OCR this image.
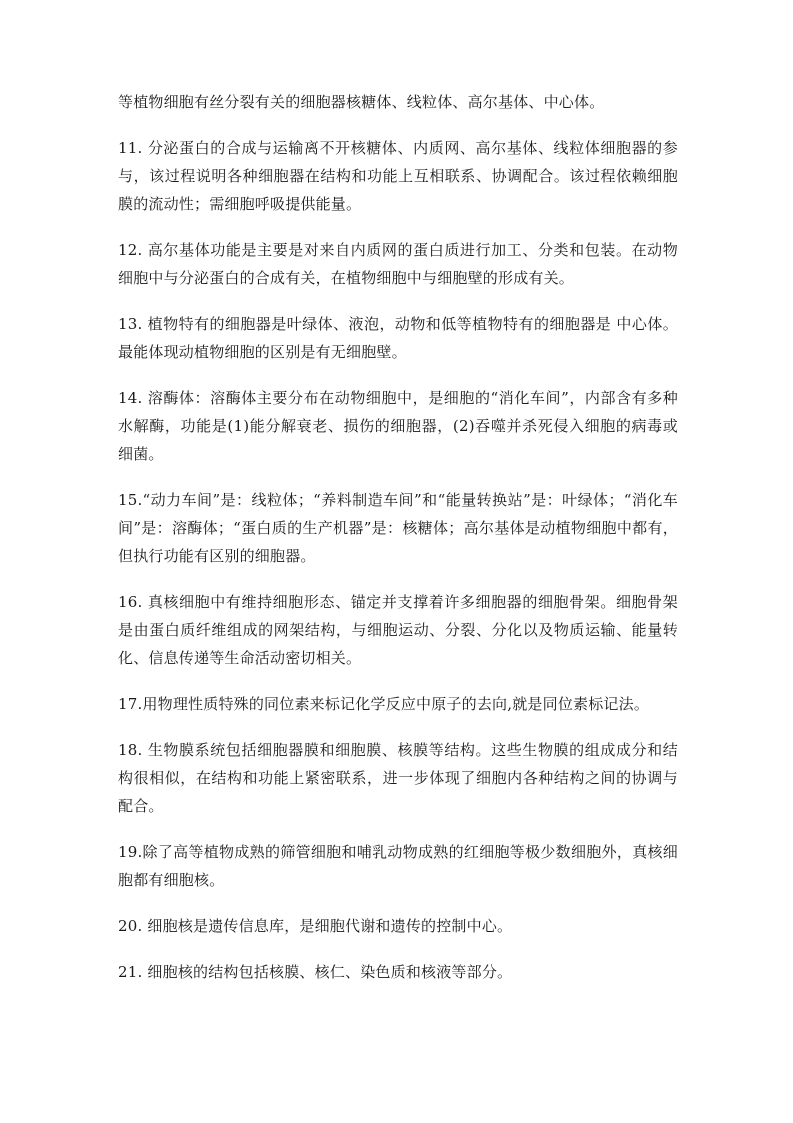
等植物细胞有丝分裂有关的细胞器核糖体、线粒体、高尔基体、中心体。

11. 分泌蛋白的合成与运输离不开核糖体、内质网、高尔基体、线粒体细胞器的参与，该过程说明各种细胞器在结构和功能上互相联系、协调配合。该过程依赖细胞膜的流动性；需细胞呼吸提供能量。

12. 高尔基体功能是主要是对来自内质网的蛋白质进行加工、分类和包装。在动物细胞中与分泌蛋白的合成有关，在植物细胞中与细胞壁的形成有关。

13. 植物特有的细胞器是叶绿体、液泡，动物和低等植物特有的细胞器是 中心体。最能体现动植物细胞的区别是有无细胞壁。

14. 溶酶体：溶酶体主要分布在动物细胞中，是细胞的“消化车间”，内部含有多种水解酶，功能是(1)能分解衰老、损伤的细胞器，(2)吞噬并杀死侵入细胞的病毒或细菌。

15.“动力车间”是：线粒体；“养料制造车间”和“能量转换站”是：叶绿体；“消化车间”是：溶酶体；“蛋白质的生产机器”是：核糖体；高尔基体是动植物细胞中都有，但执行功能有区别的细胞器。

16. 真核细胞中有维持细胞形态、锚定并支撑着许多细胞器的细胞骨架。细胞骨架是由蛋白质纤维组成的网架结构，与细胞运动、分裂、分化以及物质运输、能量转化、信息传递等生命活动密切相关。

17.用物理性质特殊的同位素来标记化学反应中原子的去向,就是同位素标记法。

18. 生物膜系统包括细胞器膜和细胞膜、核膜等结构。这些生物膜的组成成分和结构很相似，在结构和功能上紧密联系，进一步体现了细胞内各种结构之间的协调与配合。

19.除了高等植物成熟的筛管细胞和哺乳动物成熟的红细胞等极少数细胞外，真核细胞都有细胞核。

20. 细胞核是遗传信息库，是细胞代谢和遗传的控制中心。

21. 细胞核的结构包括核膜、核仁、染色质和核液等部分。
